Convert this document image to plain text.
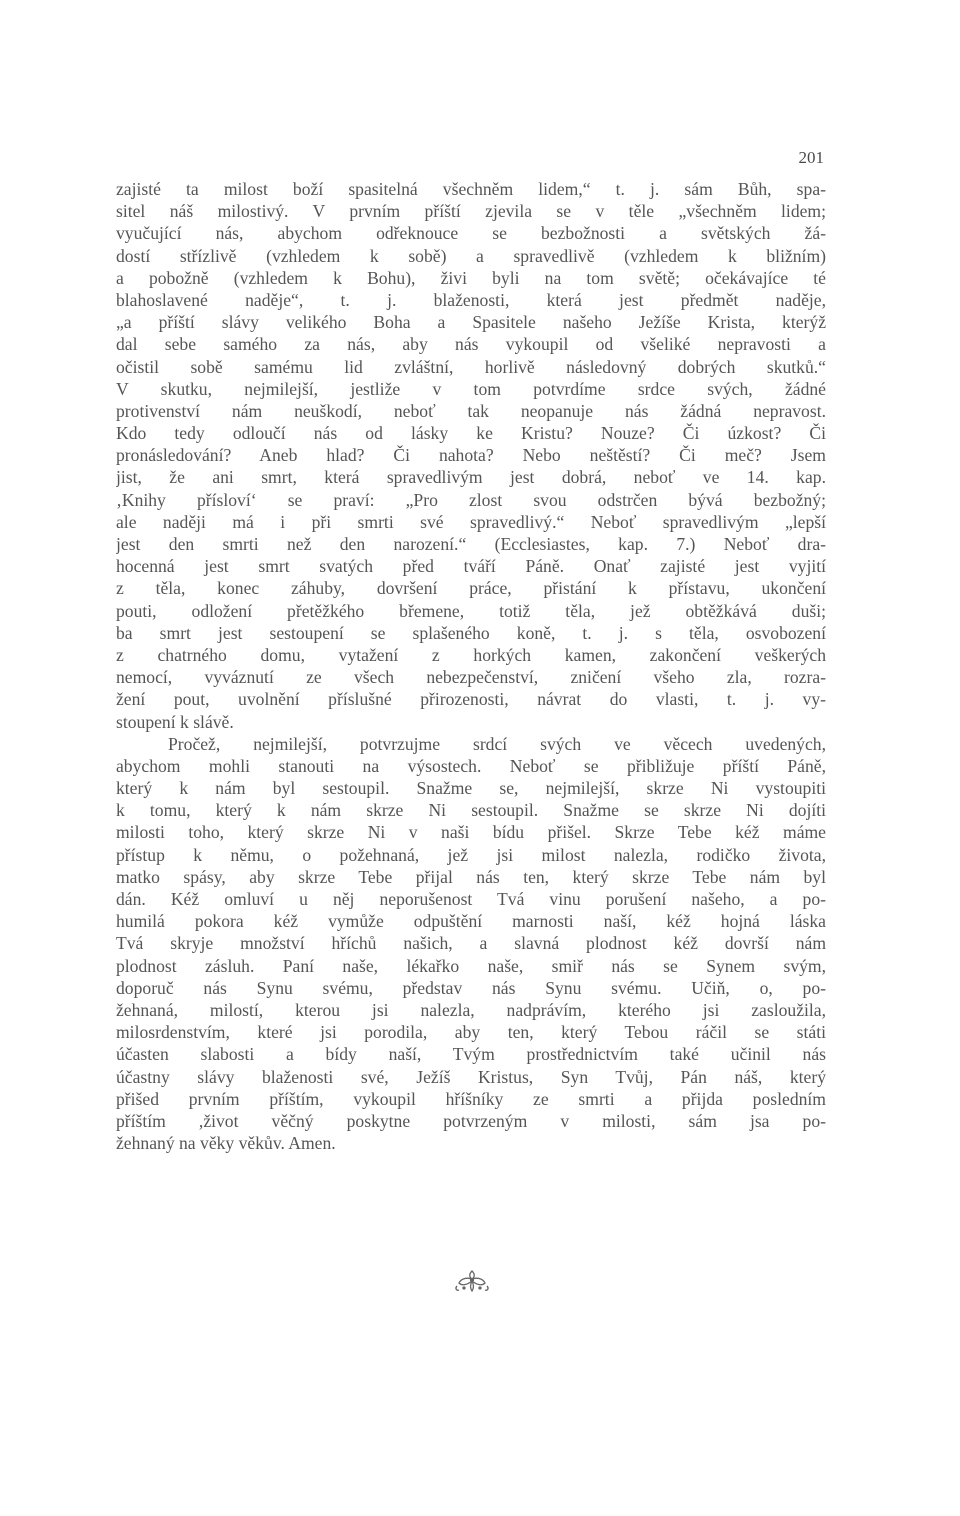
201
zajisté ta milost boží spasitelná všechněm lidem,“ t. j. sám Bůh, spa-
sitel náš milostivý. V prvním příští zjevila se v těle „všechněm lidem;
vyučující nás, abychom odřeknouce se bezbožnosti a světských žá-
dostí střízlivě (vzhledem k sobě) a spravedlivě (vzhledem k bližním)
a pobožně (vzhledem k Bohu), živi byli na tom světě; očekávajíce té
blahoslavené naděje“, t. j. blaženosti, která jest předmět naděje,
„a příští slávy velikého Boha a Spasitele našeho Ježíše Krista, kterýž
dal sebe samého za nás, aby nás vykoupil od všeliké nepravosti a
očistil sobě samému lid zvláštní, horlivě následovný dobrých skutků.“
V skutku, nejmilejší, jestliže v tom potvrdíme srdce svých, žádné
protivenství nám neuškodí, neboť tak neopanuje nás žádná nepravost.
Kdo tedy odloučí nás od lásky ke Kristu? Nouze? Či úzkost? Či
pronásledování? Aneb hlad? Či nahota? Nebo neštěstí? Či meč? Jsem
jist, že ani smrt, která spravedlivým jest dobrá, neboť ve 14. kap.
‚Knihy přísloví‘ se praví: „Pro zlost svou odstrčen bývá bezbožný;
ale naději má i při smrti své spravedlivý.“ Neboť spravedlivým „lepší
jest den smrti než den narození.“ (Ecclesiastes, kap. 7.) Neboť dra-
hocenná jest smrt svatých před tváří Páně. Onať zajisté jest vyjití
z těla, konec záhuby, dovršení práce, přistání k přístavu, ukončení
pouti, odložení přetěžkého břemene, totiž těla, jež obtěžkává duši;
ba smrt jest sestoupení se splašeného koně, t. j. s těla, osvobození
z chatrného domu, vytažení z horkých kamen, zakončení veškerých
nemocí, vyváznutí ze všech nebezpečenství, zničení všeho zla, rozra-
žení pout, uvolnění příslušné přirozenosti, návrat do vlasti, t. j. vy-
stoupení k slávě.
Pročež, nejmilejší, potvrzujme srdcí svých ve věcech uvedených,
abychom mohli stanouti na výsostech. Neboť se přibližuje příští Páně,
který k nám byl sestoupil. Snažme se, nejmilejší, skrze Ni vystoupiti
k tomu, který k nám skrze Ni sestoupil. Snažme se skrze Ni dojíti
milosti toho, který skrze Ni v naši bídu přišel. Skrze Tebe kéž máme
přístup k němu, o požehnaná, jež jsi milost nalezla, rodičko života,
matko spásy, aby skrze Tebe přijal nás ten, který skrze Tebe nám byl
dán. Kéž omluví u něj neporušenost Tvá vinu porušení našeho, a po-
humilá pokora kéž vymůže odpuštění marnosti naší, kéž hojná láska
Tvá skryje množství hříchů našich, a slavná plodnost kéž dovrší nám
plodnost zásluh. Paní naše, lékařko naše, smiř nás se Synem svým,
doporuč nás Synu svému, představ nás Synu svému. Učiň, o, po-
žehnaná, milostí, kterou jsi nalezla, nadprávím, kterého jsi zasloužila,
milosrdenstvím, které jsi porodila, aby ten, který Tebou ráčil se státi
účasten slabosti a bídy naší, Tvým prostřednictvím také učinil nás
účastny slávy blaženosti své, Ježíš Kristus, Syn Tvůj, Pán náš, který
přišed prvním příštím, vykoupil hříšníky ze smrti a přijda posledním
příštím ,život věčný poskytne potvrzeným v milosti, sám jsa po-
žehnaný na věky věkův. Amen.
